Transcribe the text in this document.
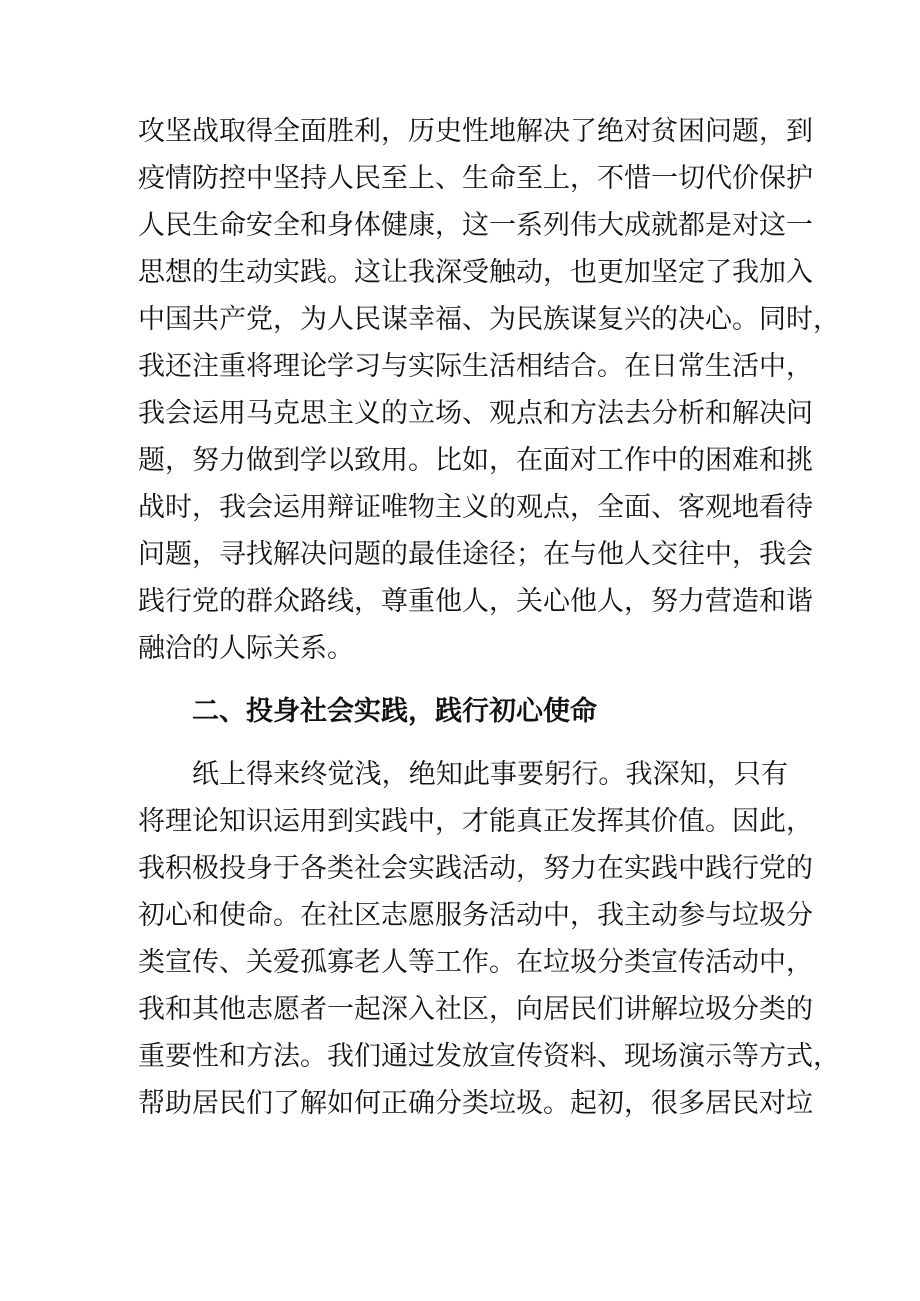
攻坚战取得全面胜利，历史性地解决了绝对贫困问题，到
疫情防控中坚持人民至上、生命至上，不惜一切代价保护
人民生命安全和身体健康，这一系列伟大成就都是对这一
思想的生动实践。这让我深受触动，也更加坚定了我加入
中国共产党，为人民谋幸福、为民族谋复兴的决心。同时，
我还注重将理论学习与实际生活相结合。在日常生活中，
我会运用马克思主义的立场、观点和方法去分析和解决问
题，努力做到学以致用。比如，在面对工作中的困难和挑
战时，我会运用辩证唯物主义的观点，全面、客观地看待
问题，寻找解决问题的最佳途径；在与他人交往中，我会
践行党的群众路线，尊重他人，关心他人，努力营造和谐
融洽的人际关系。
二、投身社会实践，践行初心使命
纸上得来终觉浅，绝知此事要躬行。我深知，只有
将理论知识运用到实践中，才能真正发挥其价值。因此，
我积极投身于各类社会实践活动，努力在实践中践行党的
初心和使命。在社区志愿服务活动中，我主动参与垃圾分
类宣传、关爱孤寡老人等工作。在垃圾分类宣传活动中，
我和其他志愿者一起深入社区，向居民们讲解垃圾分类的
重要性和方法。我们通过发放宣传资料、现场演示等方式，
帮助居民们了解如何正确分类垃圾。起初，很多居民对垃
